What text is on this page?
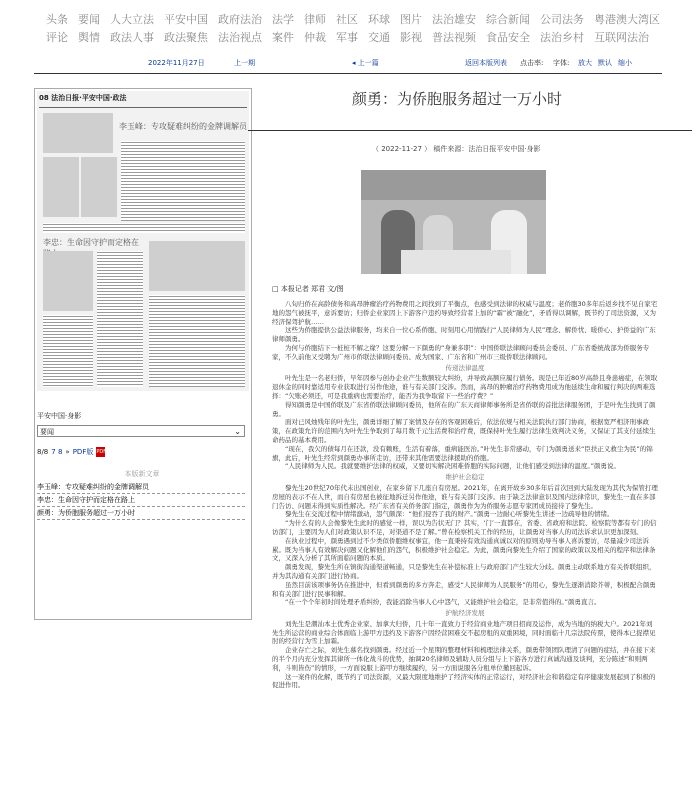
头条 要闻 人大立法 平安中国 政府法治 法学 律师 社区 环球 图片 法治雄安 综合新闻 公司法务 粤港澳大湾区
评论 舆情 政法人事 政法聚焦 法治视点 案件 仲裁 军事 交通 影视 普法视频 食品安全 法治乡村 互联网法治
2022年11月27日	上一期	◂ 上一篇	返回本版列表 点击率: 字体: 放大 默认 缩小
08 法治日报·平安中国·政法
李玉峰：专攻疑难纠纷的金牌调解员
李忠：生命因守护而定格在
平安中国·身影
要闻	⌄
8/8 7 8 » PDF版 PDF
本版新文章
李玉峰：专攻疑难纠纷的金牌调解员
李忠：生命因守护而定格在路上
颜勇：为侨胞服务超过一万小时
颜勇：为侨胞服务超过一万小时
（ 2022-11-27 ） 稿件来源：法治日报平安中国·身影
□ 本报记者 郑君 文/图

八旬归侨在高龄债务和高昂肿瘤治疗药物费用之间找到了平衡点，也感受到法律的权威与温度；老侨胞30多年后返乡找不见自家宅地的怨气被抚平，意诉要访；归侨企业家因上下游客户违约导致经营者上加的“霜”被“融化”，矛盾得以调解，既节约了司法资源，又为经济保驾护航……

这些为侨胞提供公益法律服务，均来自一位心系侨胞、时刻用心用情践行“人民律师为人民”理念、解侨忧、暖侨心、护侨益的广东律师颜勇。

为何与侨胞结下一桩桩不解之缘？这要分解一下颜勇的“身兼多职”：中国侨联法律顾问委员会委员、广东省委统战部为侨服务专家，不久前他又受聘为广州市侨联法律顾问委员、成为国家、广东省和广州市三级侨联法律顾问。

传递法律温度

叶先生是一名老归侨，早年因参与创办企业产生数额较大纠纷，并导致高额应履行债务。现是已年近80岁高龄且身患癌症，在领取退休金的同时靠适用专业获取进行另作他途，谁与有关部门交涉。然而，高昂的肿瘤治疗药物费用成为他延续生命和履行判决的两难选择：“欠账必须还，可是我重病也需要治疗，能否为我争取留下一些治疗费？”

得知颜勇是中国侨联及广东省侨联法律顾问委员，他所在的广东天商律师事务所是省侨联的首批法律服务团，于是叶先生找到了颜勇。

面对已风烛残年的叶先生，颜勇详细了解了案情及存在的客观困难后，依法依规与相关法院执行部门协商，根据宽严相济刑事政策，在政策允许的范围内为叶先生争取到了每月数千元生活费和治疗费，既保持叶先生履行法律生效判决义务，又保证了其支付延续生命药品的基本费用。

“现在，我欠的债每月在还款，没有赖账，生活有着落，重病能医治。”叶先生非常感动，专门为颜勇送来“臣扶正义救尘为民”的锦旗，此后，叶先生经常到颜勇办事所走访，还带来其他需要法律援助的侨胞。

“人民律师为人民。我就要维护法律的权威，又要切实解决困难侨胞的实际问题，让他们感受到法律的温度。”颜勇说。

维护社会稳定

黎先生20世纪70年代未出国创业，在家乡留下几座自有房屋。2021年，在离开故乡30多年后首次回到大陆发现为其代为保管打理房屋的表示不在人世，而自有房屋也被征地拆迁另作他途，谁与有关部门交涉。由于缺乏法律意识及国内法律常识，黎先生一直在多部门告访、问题未得到实质性解决。经广东省有关侨务部门指定，颜勇作为为侨服务志愿专家团成员接待了黎先生。

黎先生在交流过程中情绪激动，怨气颇深：“他们侵吞了我的财产。”颜勇一边耐心听黎先生讲述一边疏导他的情绪。

“为什么有的人会像黎先生此时的感觉一样，误以为告状无门？其实，‘门’一直都在，省委、省政府和法院、检察院等都有专门的信访部门，主要因为人们对政策认识不足，对渠道不是了解。”曾在检察机关工作的经历，让颜勇对当事人的司法诉求认识更加深刻。

在执业过程中，颜勇遇到过不少类似侨胞维权事宜，他一直秉持有效沟通真诚以对的原则劝导当事人喜诉要访，尽量减少司法诉累。既为当事人有效解决问题又化解他们的怨气，积极维护社会稳定。为此，颜勇向黎先生介绍了国家的政策以及相关的程序和法律条文，又深入分析了其所面临问题的本质。

颜勇发现，黎先生所在镇街沟通渠道畅通，只是黎先生在补偿标准上与政府部门产生较大分歧。颜勇主动联系地方有关侨联组织，并为其沟通有关部门进行协商。

虽然目前该项事务仍在推进中，但看到颜勇的多方奔走，感受“人民律师为人民服务”的用心，黎先生逐渐消除芥蒂，积极配合颜勇和有关部门进行民事和解。

“在一个个年初时间处理矛盾纠纷，我能消除当事人心中怨气，又能维护社会稳定，是非常值得的。”颜勇直言。

护航经济发展

刘先生是潮汕本土优秀企业家、加拿大归侨，几十年一直致力于经营商业地产项目招商及运作，成为当地的纳税大户。2021年刘先生所运营的商业综合体面临上游甲方违约及下游客户因经营困难交不起房租的双重困境，同时面临十几宗法院传票，使得本已捉襟见肘的经营行为雪上加霜。

企业存亡之际，刘先生慕名找到颜勇。经过近一个星期的整理材料和梳理法律关系，颜勇带领团队理清了问题的症结，并在接下来的半个月内充分发挥其律所一体化战斗的优势，抽调20名律师及辅助人员分组与上下游各方进行真诚沟通及谈判，充分陈述“和则两利，斗则皆伤”的情形，一方面说服上游甲方继续履约，另一方面说服各分租单位撤回起诉。

这一案件的化解，既节约了司法资源，又最大限度地维护了经济实体的正常运行，对经济社会和谐稳定有序健康发展起到了积极的促进作用。
